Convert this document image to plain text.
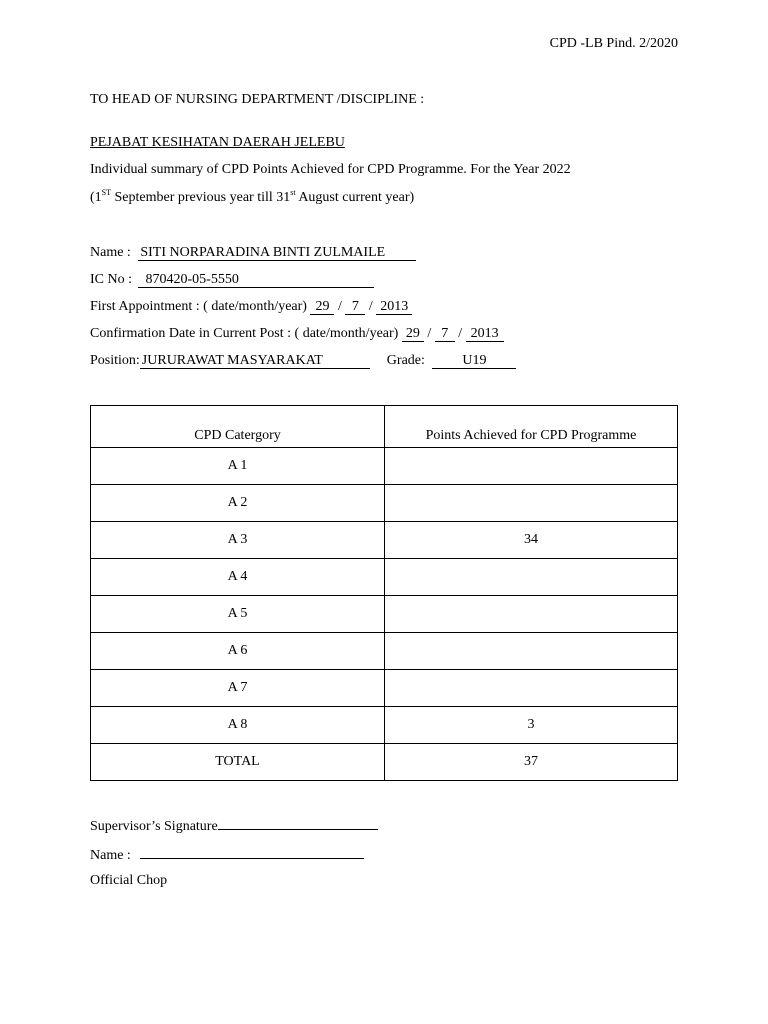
CPD -LB Pind. 2/2020
TO HEAD OF NURSING DEPARTMENT /DISCIPLINE :
PEJABAT KESIHATAN DAERAH JELEBU
Individual summary of CPD Points Achieved for CPD Programme. For the Year 2022
(1ST September previous year till 31st August current year)
Name : SITI NORPARADINA BINTI ZULMAILE
IC No : 870420-05-5550
First Appointment : ( date/month/year) 29 / 7 / 2013
Confirmation Date in Current Post : ( date/month/year) 29 / 7 / 2013
Position: JURURAWAT MASYARAKAT	Grade:	U19
CPD Catergory	Points Achieved for CPD Programme
A 1	
A 2	
A 3	34
A 4	
A 5	
A 6	
A 7	
A 8	3
TOTAL	37
Supervisor’s Signature
Name :
Official Chop
